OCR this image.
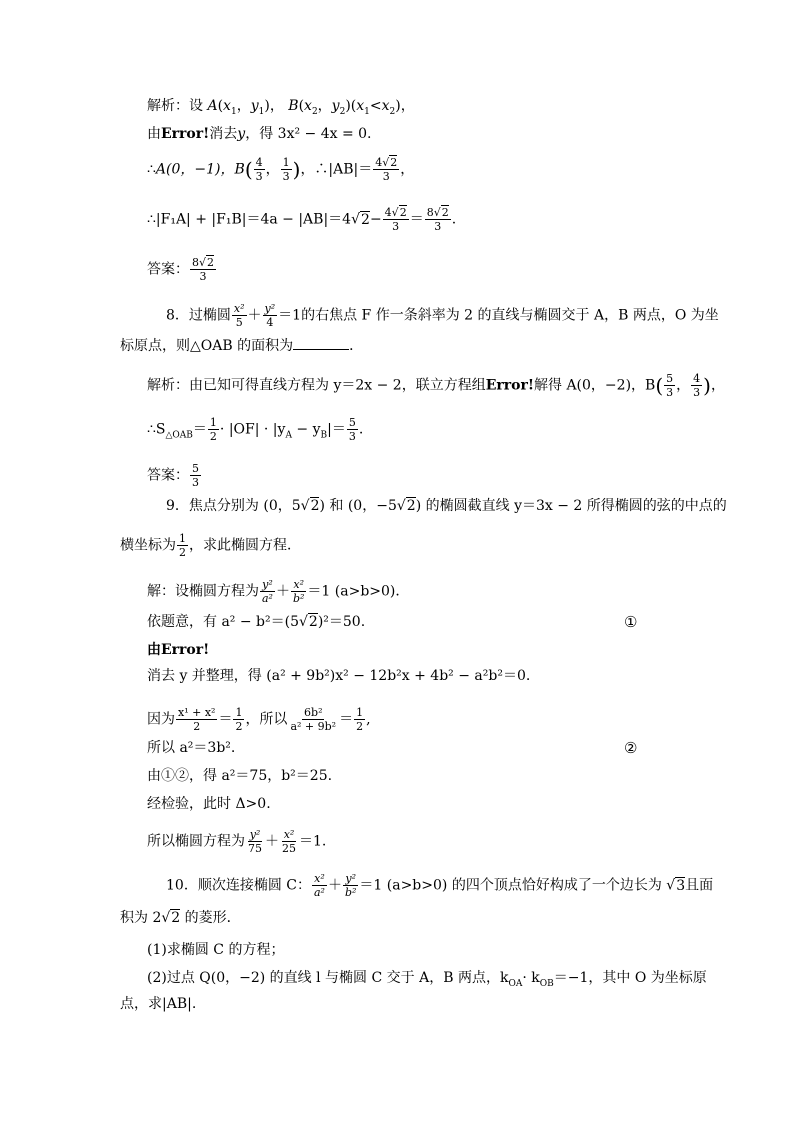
解析：设 $A(x_1$，$y_1$)， $B(x_2$，$y_2)(x_1<x_2)$，
由Error!消去y，得 3x² − 4x = 0.
∴A(0，−1)，$B( \frac{4}{3}$ ， $\frac{1}{3}$ )，∴|AB|＝ $\frac{4√2}{3}$ ，
∴|F₁A| + $|F_1B|=4a - |AB|=4√2- \frac{4√2}{3} = \frac{8√2}{3}$ .
答案： $\frac{8√2}{3}$
8．过椭圆 $\frac{\text{x²}}{5} + \frac{\text{y²}}{4} =1$的右焦点 F 作一条斜率为 2 的直线与椭圆交于 A，B 两点，O 为坐
标原点，则△OAB 的面积为	．
解析：由已知可得直线方程为 y＝2x − 2，联立方程组Error!解得 A(0，−2)，$B( \frac{5}{3}$ ， $\frac{4}{3}$ )，
$\therefore S_{\triangle OAB}= \frac{1}{2} \cdot |OF| \cdot |y_A - y_B|= \frac{5}{3}$ .
答案： $\frac{5}{3}$
9．焦点分别为 (0，5√2) 和 (0，−5√2) 的椭圆截直线 y＝3x − 2 所得椭圆的弦的中点的
横坐标为 $\frac{1}{2}$ ，求此椭圆方程．
解：设椭圆方程为 $\frac{\text{y²}}{\text{a²}} + \frac{\text{x²}}{\text{b²}} =1$ (a>b>0)．
依题意，有 a² − b²＝(5√2)²＝50.	①
由Error!
消去 y 并整理，得 (a² + 9b²)x² − 12b²x + 4b² − a²b²＝0.
因为 $\frac{\text{x¹ + x²}}{2} = \frac{1}{2}$ ，所以 $\frac{\text{6b²}}{\text{a² + 9b²}} = \frac{1}{2}$ ,
所以 a²＝3b².	②
由①②，得 a²＝75，b²＝25.
经检验，此时 Δ>0.
所以椭圆方程为 $\frac{\text{y²}}{75} + \frac{\text{x²}}{25} =1$.
10．顺次连接椭圆 C： $\frac{\text{x²}}{\text{a²}} + \frac{\text{y²}}{\text{b²}} =1$ (a>b>0) 的四个顶点恰好构成了一个边长为 √3且面
积为 2√2 的菱形．
(1)求椭圆 C 的方程；
(2)过点 Q(0，−2) 的直线 l 与椭圆 C 交于 A，B 两点，$k_{OA}\cdot k_{OB}=-1$，其中 O 为坐标原
点，求|AB|.
